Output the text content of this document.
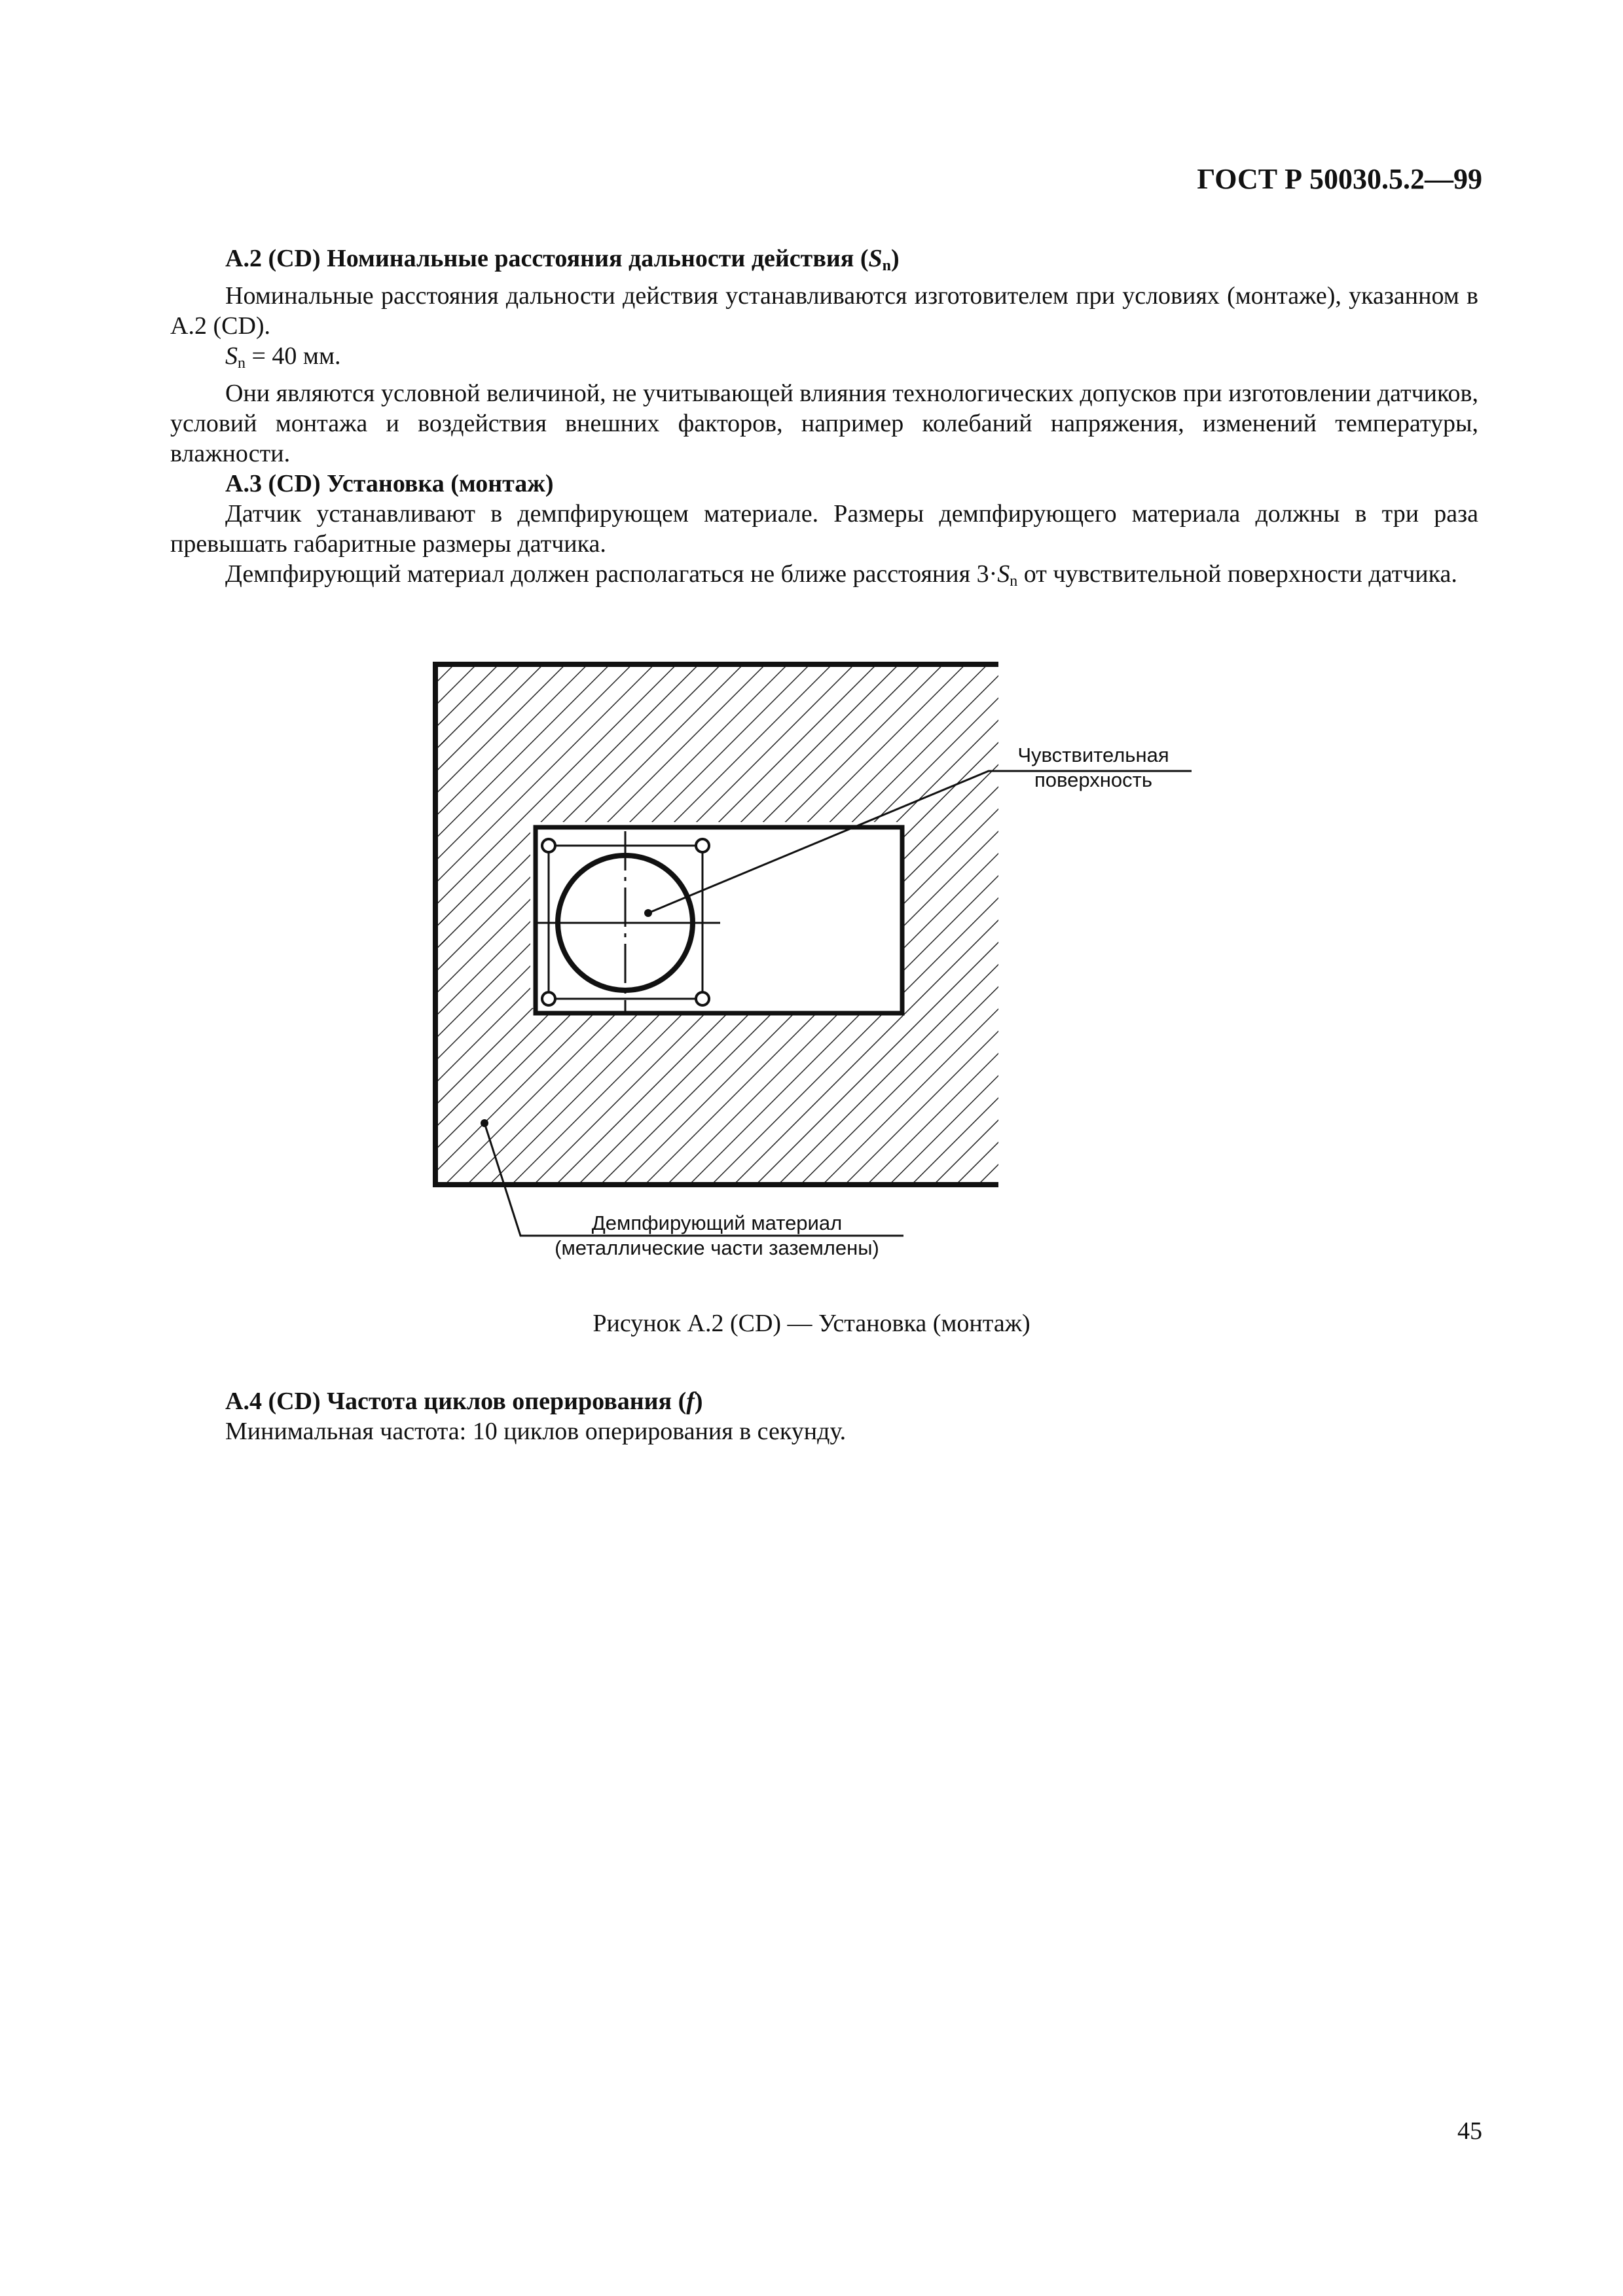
ГОСТ Р 50030.5.2—99

А.2 (CD) Номинальные расстояния дальности действия $(S_n)$

Номинальные расстояния дальности действия устанавливаются изготовителем при условиях (монтаже), указанном в А.2 (CD).

$S_n = 40$ мм.

Они являются условной величиной, не учитывающей влияния технологических допусков при изготовлении датчиков, условий монтажа и воздействия внешних факторов, например колебаний напряжения, изменений температуры, влажности.

А.3 (CD) Установка (монтаж)

Датчик устанавливают в демпфирующем материале. Размеры демпфирующего материала должны в три раза превышать габаритные размеры датчика.

Демпфирующий материал должен располагаться не ближе расстояния $3\cdot S_n$ от чувствительной поверхности датчика.

Чувствительная
поверхность
Демпфирующий материал
(металлические части заземлены)
Рисунок А.2 (CD) — Установка (монтаж)

А.4 (CD) Частота циклов оперирования (f)

Минимальная частота: 10 циклов оперирования в секунду.

45
